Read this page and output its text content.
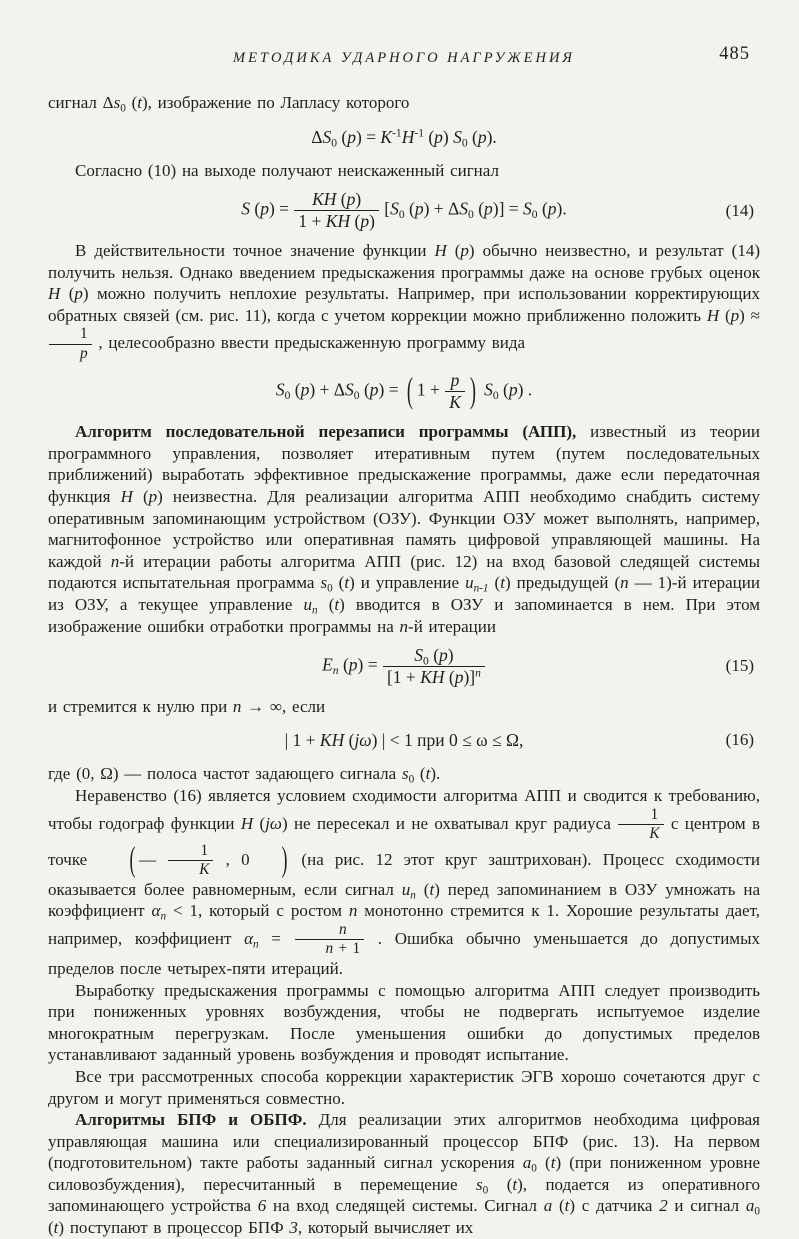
МЕТОДИКА УДАРНОГО НАГРУЖЕНИЯ	485

сигнал Δs0 (t), изображение по Лапласу которого

ΔS0 $(p) = K^{-1}H^{-1}$ (p) S0 (p).

Согласно (10) на выходе получают неискаженный сигнал

S $(p) = \frac{KH (p)}{1 + KH (p)} [S0$ (p) + ΔS0 (p)] = S0 (p).	(14)

В действительности точное значение функции H (p) обычно неизвестно, и результат (14) получить нельзя. Однако введением предыскажения программы даже на основе грубых оценок H (p) можно получить неплохие результаты. Например, при использовании корректирующих обратных связей (см. рис. 11), когда с учетом коррекции можно приближенно положить H (p) ≈
$\frac{1}{p}$ , целесообразно ввести предыскаженную программу вида

S0 (p) + ΔS0 (p) = ( $1 + \frac{p}{K}$ ) S0 (p) .

Алгоритм последовательной перезаписи программы (АПП), известный из теории программного управления, позволяет итеративным путем (путем последовательных приближений) выработать эффективное предыскажение программы, даже если передаточная функция H (p) неизвестна. Для реализации алгоритма АПП необходимо снабдить систему оперативным запоминающим устройством (ОЗУ). Функции ОЗУ может выполнять, например, магнитофонное устройство или оперативная память цифровой управляющей машины. На каждой n-й итерации работы алгоритма АПП (рис. 12) на вход базовой следящей системы подаются испытательная программа s0 (t) и управление un-1 (t) предыдущей (n — 1)-й итерации из ОЗУ, а текущее управление un (t) вводится в ОЗУ и запоминается в нем. При этом изображение ошибки отработки программы на n-й итерации

En $(p) = \frac{S0 (p)}{[1 + KH (p)]^n}$	(15)

и стремится к нулю при n → ∞, если

| 1 + KH (jω) | < 1 при 0 ≤ ω ≤ Ω,	(16)

где (0, Ω) — полоса частот задающего сигнала s0 (t).

Неравенство (16) является условием сходимости алгоритма АПП и сводится к требованию, чтобы годограф функции H (jω) не пересекал и не охватывал круг радиуса $\frac{1}{K}$ с центром в точке ( — $\frac{1}{K}$ , 0 ) (на рис. 12 этот круг заштрихован). Процесс сходимости оказывается более равномерным, если сигнал un (t) перед запоминанием в ОЗУ умножать на коэффициент αn < 1, который с ростом n монотонно стремится к 1. Хорошие результаты дает, например, коэффициент $\alpha n = \frac{n}{n + 1}$ . Ошибка обычно уменьшается до допустимых пределов после четырех-пяти итераций.

Выработку предыскажения программы с помощью алгоритма АПП следует производить при пониженных уровнях возбуждения, чтобы не подвергать испытуемое изделие многократным перегрузкам. После уменьшения ошибки до допустимых пределов устанавливают заданный уровень возбуждения и проводят испытание.

Все три рассмотренных способа коррекции характеристик ЭГВ хорошо сочетаются друг с другом и могут применяться совместно.

Алгоритмы БПФ и ОБПФ. Для реализации этих алгоритмов необходима цифровая управляющая машина или специализированный процессор БПФ (рис. 13). На первом (подготовительном) такте работы заданный сигнал ускорения a0 (t) (при пониженном уровне силовозбуждения), пересчитанный в перемещение s0 (t), подается из оперативного запоминающего устройства 6 на вход следящей системы. Сигнал a (t) с датчика 2 и сигнал a0 (t) поступают в процессор БПФ 3, который вычисляет их
